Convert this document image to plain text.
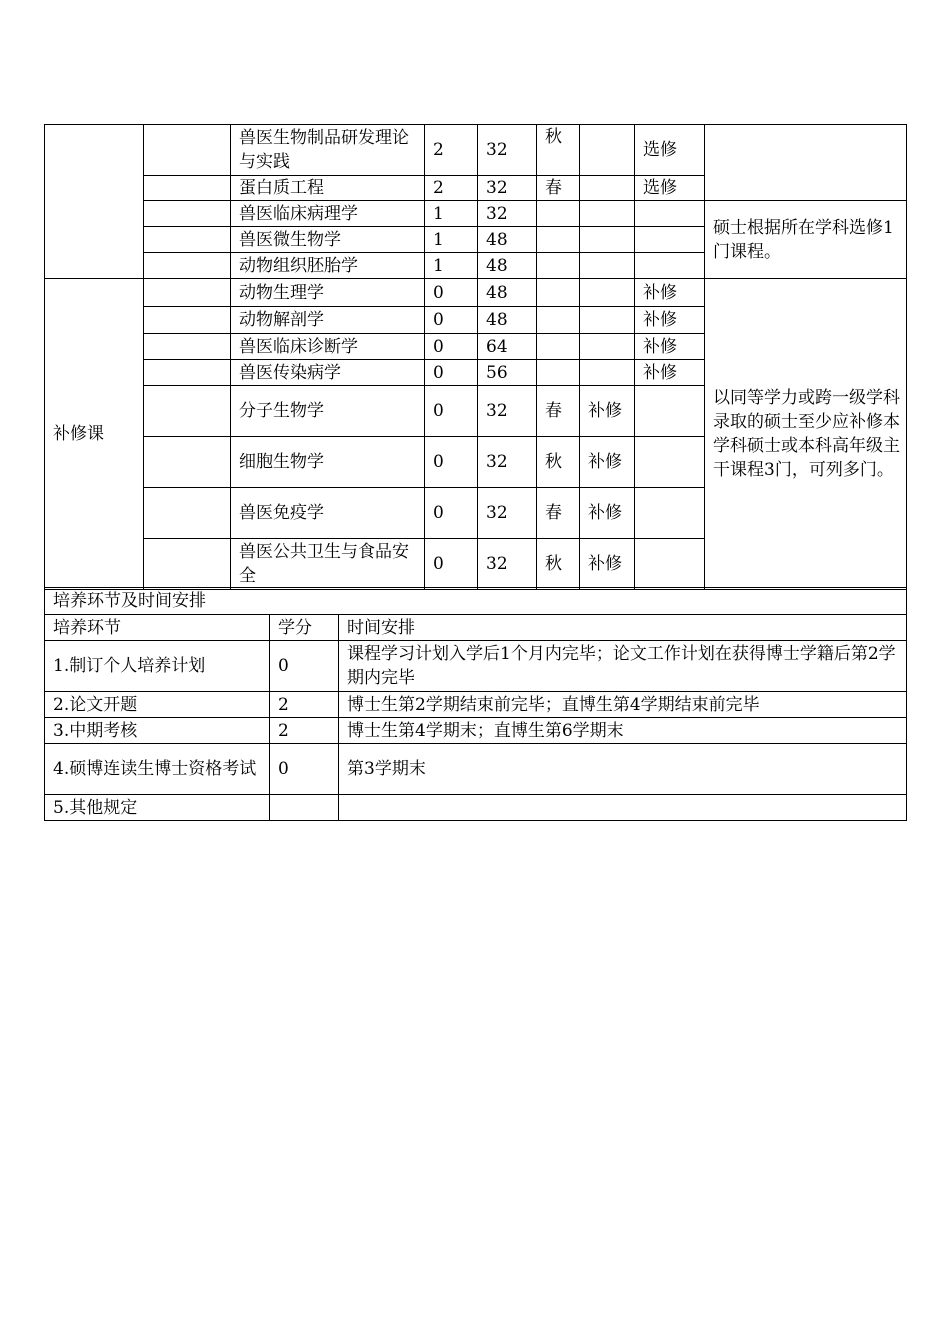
		兽医生物制品研发理论与实践	2	32	秋		选修	
		蛋白质工程	2	32	春		选修	
		兽医临床病理学	1	32				硕士根据所在学科选修1门课程。
		兽医微生物学	1	48				
		动物组织胚胎学	1	48				
补修课		动物生理学	0	48			补修	以同等学力或跨一级学科录取的硕士至少应补修本学科硕士或本科高年级主干课程3门，可列多门。
		动物解剖学	0	48			补修	
		兽医临床诊断学	0	64			补修	
		兽医传染病学	0	56			补修	
		分子生物学	0	32	春	补修		
		细胞生物学	0	32	秋	补修		
		兽医免疫学	0	32	春	补修		
		兽医公共卫生与食品安全	0	32	秋	补修		
培养环节及时间安排		
培养环节	学分	时间安排
1.制订个人培养计划	0	课程学习计划入学后1个月内完毕；论文工作计划在获得博士学籍后第2学期内完毕
2.论文开题	2	博士生第2学期结束前完毕；直博生第4学期结束前完毕
3.中期考核	2	博士生第4学期末；直博生第6学期末
4.硕博连读生博士资格考试	0	第3学期末
5.其他规定		
